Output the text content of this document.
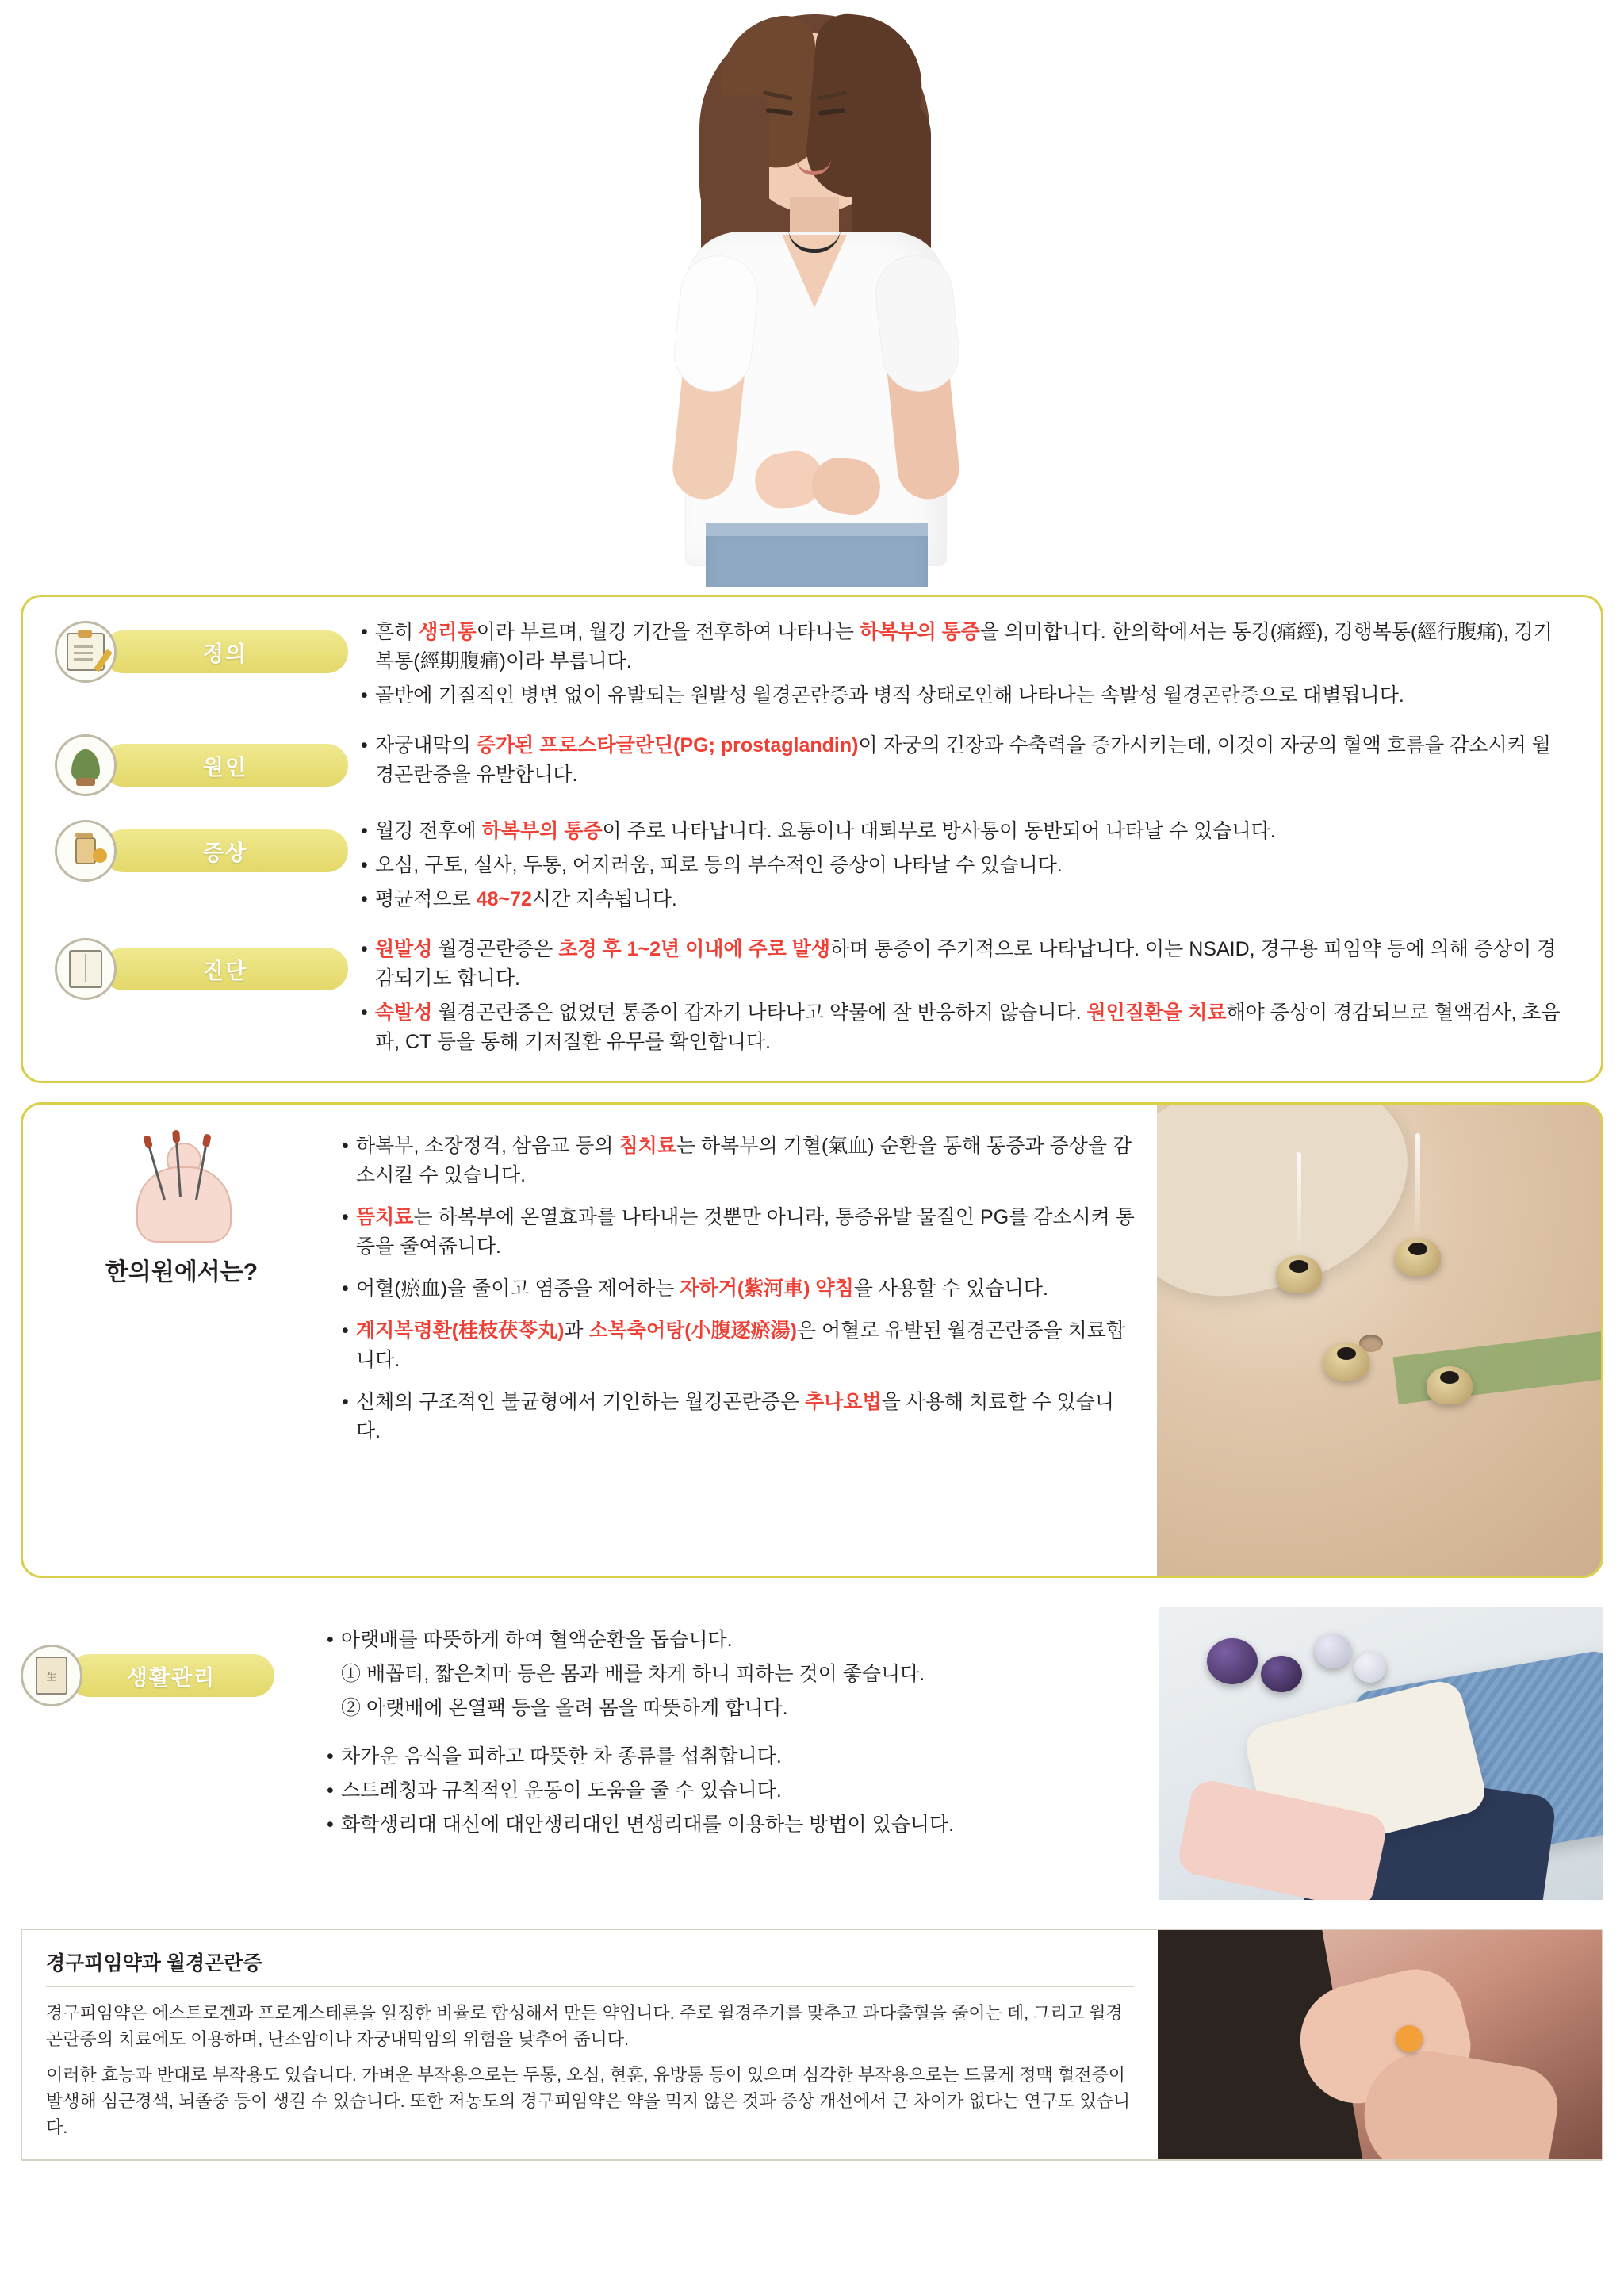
정의
• 흔히 생리통이라 부르며, 월경 기간을 전후하여 나타나는 하복부의 통증을 의미합니다. 한의학에서는 통경(痛經), 경행복통(經行腹痛), 경기복통(經期腹痛)이라 부릅니다.
• 골반에 기질적인 병변 없이 유발되는 원발성 월경곤란증과 병적 상태로인해 나타나는 속발성 월경곤란증으로 대별됩니다.
원인
• 자궁내막의 증가된 프로스타글란딘(PG; prostaglandin)이 자궁의 긴장과 수축력을 증가시키는데, 이것이 자궁의 혈액 흐름을 감소시켜 월경곤란증을 유발합니다.
증상
• 월경 전후에 하복부의 통증이 주로 나타납니다. 요통이나 대퇴부로 방사통이 동반되어 나타날 수 있습니다.
• 오심, 구토, 설사, 두통, 어지러움, 피로 등의 부수적인 증상이 나타날 수 있습니다.
• 평균적으로 48~72시간 지속됩니다.
진단
• 원발성 월경곤란증은 초경 후 1~2년 이내에 주로 발생하며 통증이 주기적으로 나타납니다. 이는 NSAID, 경구용 피임약 등에 의해 증상이 경감되기도 합니다.
• 속발성 월경곤란증은 없었던 통증이 갑자기 나타나고 약물에 잘 반응하지 않습니다. 원인질환을 치료해야 증상이 경감되므로 혈액검사, 초음파, CT 등을 통해 기저질환 유무를 확인합니다.
한의원에서는?
• 하복부, 소장정격, 삼음교 등의 침치료는 하복부의 기혈(氣血) 순환을 통해 통증과 증상을 감소시킬 수 있습니다.
• 뜸치료는 하복부에 온열효과를 나타내는 것뿐만 아니라, 통증유발 물질인 PG를 감소시켜 통증을 줄여줍니다.
• 어혈(瘀血)을 줄이고 염증을 제어하는 자하거(紫河車) 약침을 사용할 수 있습니다.
• 계지복령환(桂枝茯苓丸)과 소복축어탕(小腹逐瘀湯)은 어혈로 유발된 월경곤란증을 치료합니다.
• 신체의 구조적인 불균형에서 기인하는 월경곤란증은 추나요법을 사용해 치료할 수 있습니다.
生	생활관리
• 아랫배를 따뜻하게 하여 혈액순환을 돕습니다.
① 배꼽티, 짧은치마 등은 몸과 배를 차게 하니 피하는 것이 좋습니다.
② 아랫배에 온열팩 등을 올려 몸을 따뜻하게 합니다.
• 차가운 음식을 피하고 따뜻한 차 종류를 섭취합니다.
• 스트레칭과 규칙적인 운동이 도움을 줄 수 있습니다.
• 화학생리대 대신에 대안생리대인 면생리대를 이용하는 방법이 있습니다.
경구피임약과 월경곤란증

경구피임약은 에스트로겐과 프로게스테론을 일정한 비율로 합성해서 만든 약입니다. 주로 월경주기를 맞추고 과다출혈을 줄이는 데, 그리고 월경곤란증의 치료에도 이용하며, 난소암이나 자궁내막암의 위험을 낮추어 줍니다.

이러한 효능과 반대로 부작용도 있습니다. 가벼운 부작용으로는 두통, 오심, 현훈, 유방통 등이 있으며 심각한 부작용으로는 드물게 정맥 혈전증이 발생해 심근경색, 뇌졸중 등이 생길 수 있습니다. 또한 저농도의 경구피임약은 약을 먹지 않은 것과 증상 개선에서 큰 차이가 없다는 연구도 있습니다.
